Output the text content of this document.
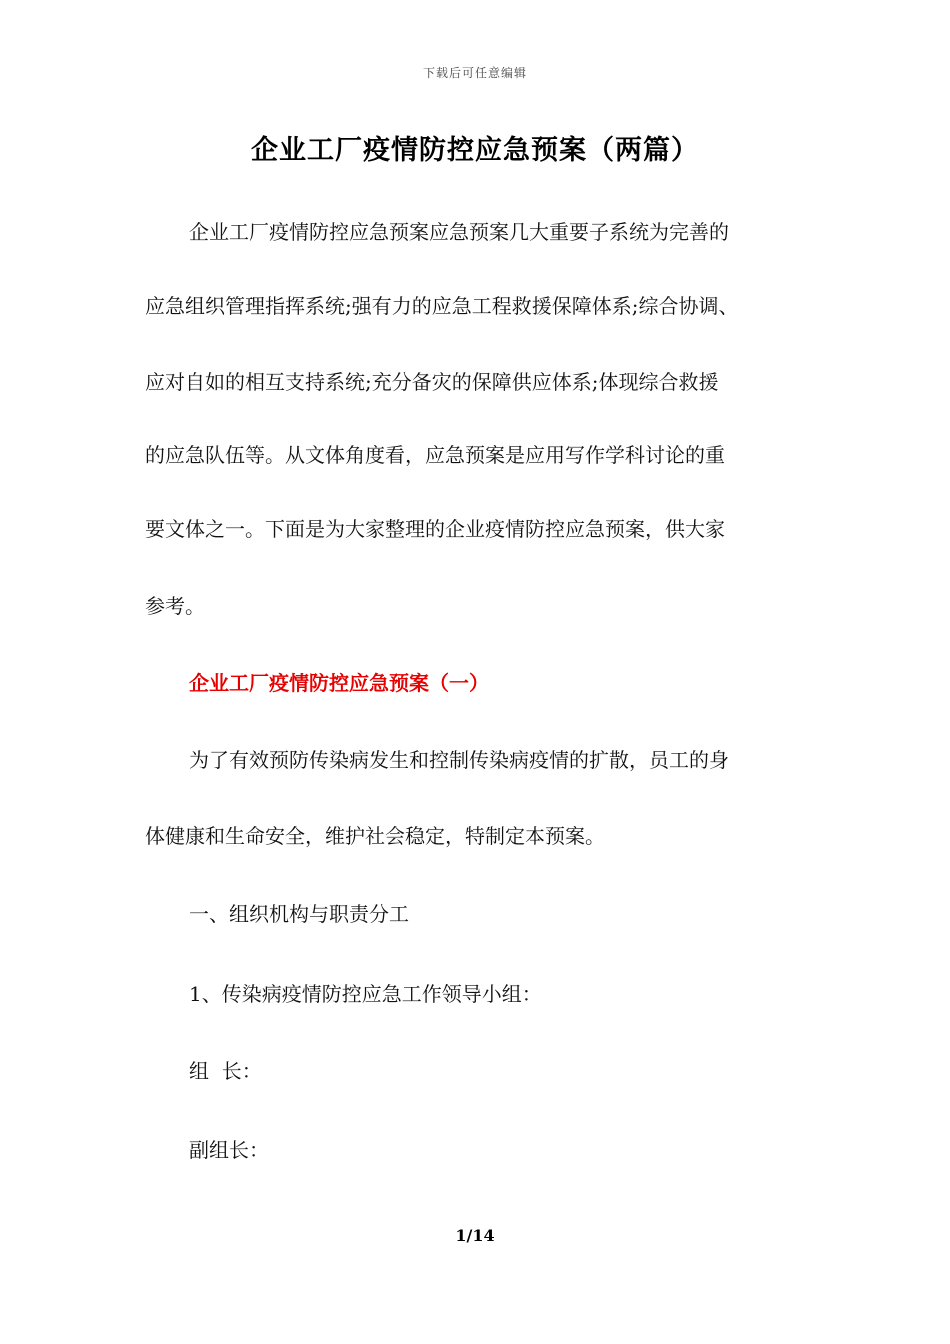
下载后可任意编辑
企业工厂疫情防控应急预案（两篇）
企业工厂疫情防控应急预案应急预案几大重要子系统为完善的
应急组织管理指挥系统;强有力的应急工程救援保障体系;综合协调、
应对自如的相互支持系统;充分备灾的保障供应体系;体现综合救援
的应急队伍等。从文体角度看，应急预案是应用写作学科讨论的重
要文体之一。下面是为大家整理的企业疫情防控应急预案，供大家
参考。
企业工厂疫情防控应急预案（一）
为了有效预防传染病发生和控制传染病疫情的扩散，员工的身
体健康和生命安全，维护社会稳定，特制定本预案。
一、组织机构与职责分工
1、传染病疫情防控应急工作领导小组：
组  长：
副组长：
1/14
